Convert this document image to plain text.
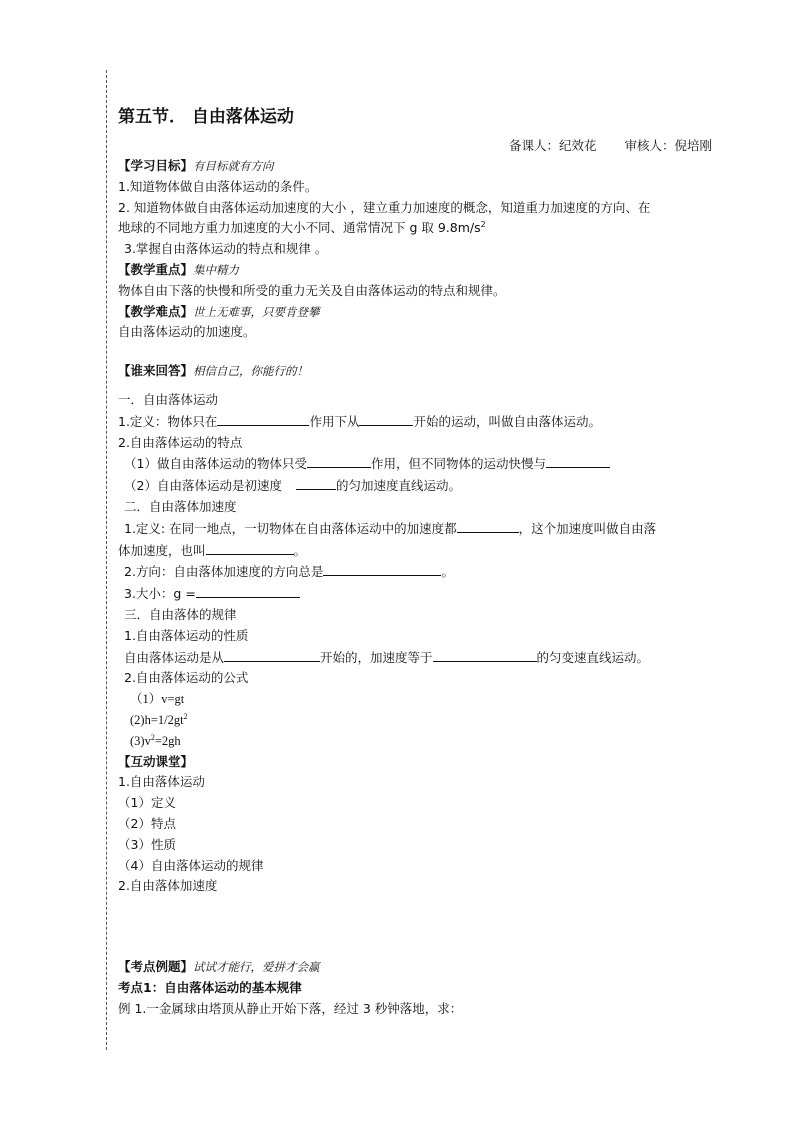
第五节． 自由落体运动
备课人：纪效花 审核人：倪培刚
【学习目标】有目标就有方向
1.知道物体做自由落体运动的条件。
2. 知道物体做自由落体运动加速度的大小 ，建立重力加速度的概念，知道重力加速度的方向、在
地球的不同地方重力加速度的大小不同、通常情况下 g 取 $9.8m/s^2$
3.掌握自由落体运动的特点和规律 。
【教学重点】集中精力
物体自由下落的快慢和所受的重力无关及自由落体运动的特点和规律。
【教学难点】世上无难事，只要肯登攀
自由落体运动的加速度。
【谁来回答】相信自己，你能行的！
一．自由落体运动
1.定义：物体只在	作用下从	开始的运动，叫做自由落体运动。
2.自由落体运动的特点
（1）做自由落体运动的物体只受	作用，但不同物体的运动快慢与
（2）自由落体运动是初速度	的匀加速度直线运动。
二．自由落体加速度
1.定义: 在同一地点，一切物体在自由落体运动中的加速度都	，这个加速度叫做自由落
体加速度，也叫	。
2.方向：自由落体加速度的方向总是	。
3.大小：g =
三．自由落体的规律
1.自由落体运动的性质
自由落体运动是从	开始的，加速度等于	的匀变速直线运动。
2.自由落体运动的公式
（1）v=gt
$(2)h=1/2gt^2$
$(3)v^2=2gh$
【互动课堂】
1.自由落体运动
（1）定义
（2）特点
（3）性质
（4）自由落体运动的规律
2.自由落体加速度
【考点例题】试试才能行，爱拼才会赢
考点1：自由落体运动的基本规律
例 1.一金属球由塔顶从静止开始下落，经过 3 秒钟落地，求：
